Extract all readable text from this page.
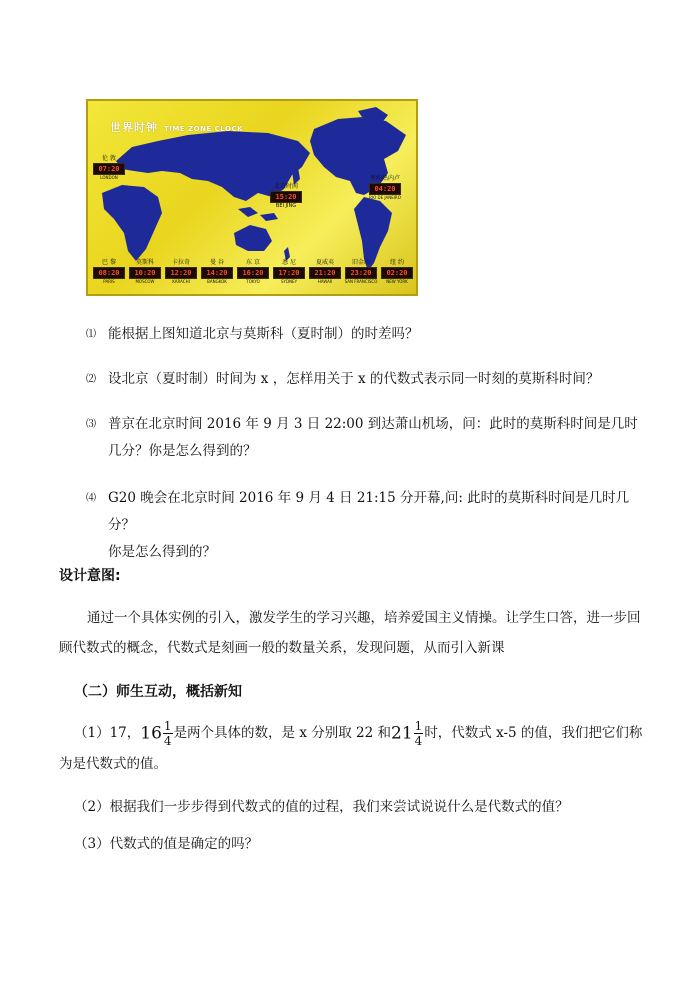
世界时钟 TIME ZONE CLOCK
伦 敦
07:20
LONDON
北京时间
15:20
BEI JING
里约热内卢
04:20
RIO DE JANEIRO
巴 黎
08:20
PARIS
莫斯科
10:20
MOSCOW
卡拉奇
12:20
KARACHI
曼 谷
14:20
BANGKOK
东 京
16:20
TOKYO
悉 尼
17:20
SYDNEY
夏威夷
21:20
HAWAII
旧金山
23:20
SAN FRANCISCO
纽 约
02:20
NEW YORK
⑴ 能根据上图知道北京与莫斯科（夏时制）的时差吗？
⑵ 设北京（夏时制）时间为 x ，怎样用关于 x 的代数式表示同一时刻的莫斯科时间？
⑶ 普京在北京时间 2016 年 9 月 3 日 22:00 到达萧山机场，问：此时的莫斯科时间是几时
几分？你是怎么得到的？
⑷ G20 晚会在北京时间 2016 年 9 月 4 日 21:15 分开幕,问: 此时的莫斯科时间是几时几分？
你是怎么得到的？
设计意图:
通过一个具体实例的引入，激发学生的学习兴趣，培养爱国主义情操。让学生口答，进一步回顾代数式的概念，代数式是刻画一般的数量关系，发现问题，从而引入新课
（二）师生互动，概括新知
（1）17，$16 \frac{1}{4}$ 是两个具体的数，是 x 分别取 22 和$21 \frac{1}{4}$ 时，代数式 x-5 的值，我们把它们称
为是代数式的值。
（2）根据我们一步步得到代数式的值的过程，我们来尝试说说什么是代数式的值？
（3）代数式的值是确定的吗？
